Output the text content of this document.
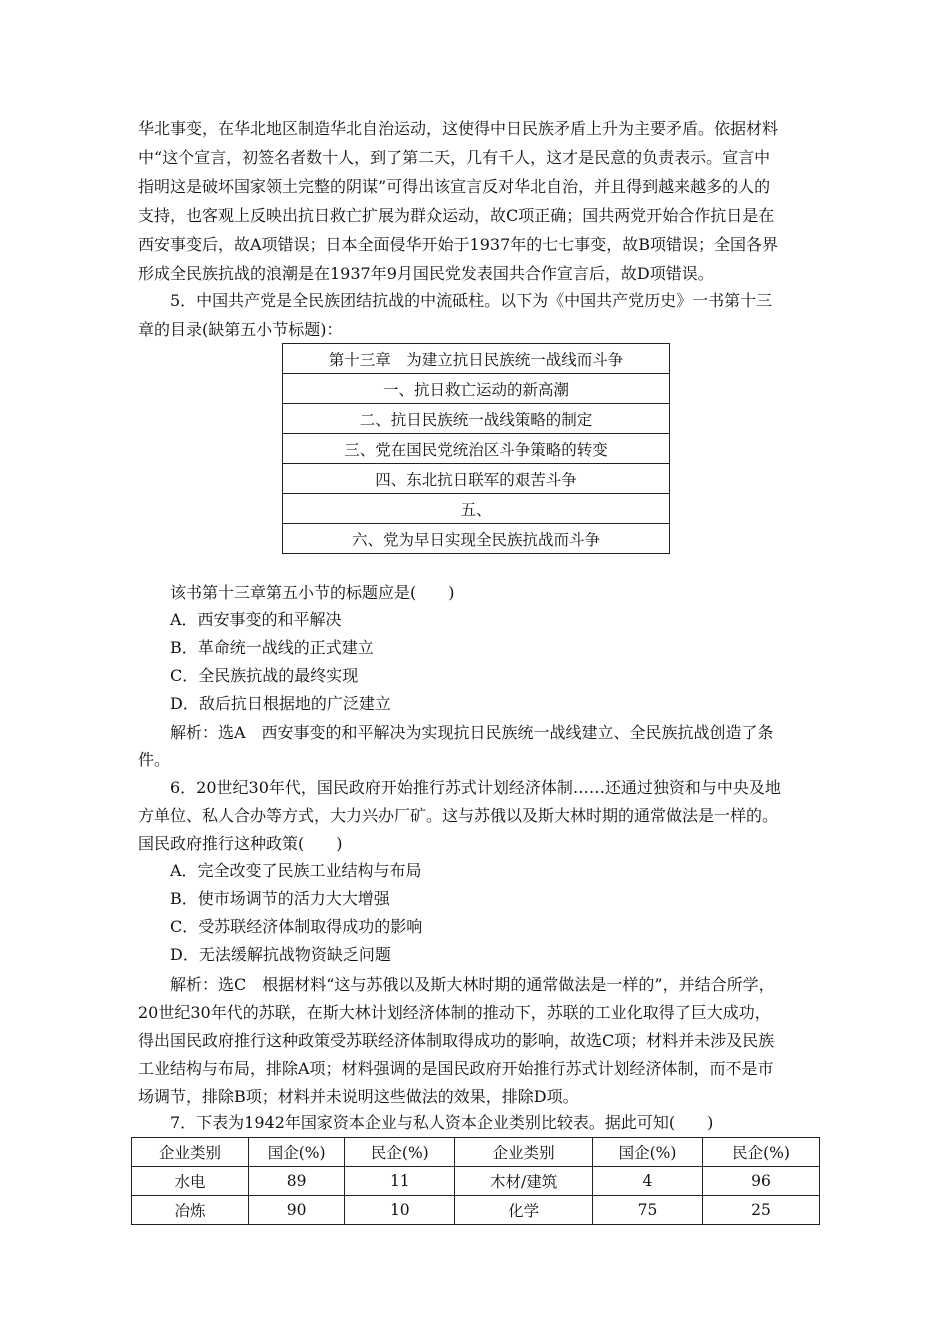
华北事变，在华北地区制造华北自治运动，这使得中日民族矛盾上升为主要矛盾。依据材料
中“这个宣言，初签名者数十人，到了第二天，几有千人，这才是民意的负责表示。宣言中
指明这是破坏国家领土完整的阴谋”可得出该宣言反对华北自治，并且得到越来越多的人的
支持，也客观上反映出抗日救亡扩展为群众运动，故C项正确；国共两党开始合作抗日是在
西安事变后，故A项错误；日本全面侵华开始于1937年的七七事变，故B项错误；全国各界
形成全民族抗战的浪潮是在1937年9月国民党发表国共合作宣言后，故D项错误。
5．中国共产党是全民族团结抗战的中流砥柱。以下为《中国共产党历史》一书第十三
章的目录(缺第五小节标题)：
第十三章　为建立抗日民族统一战线而斗争
一、抗日救亡运动的新高潮
二、抗日民族统一战线策略的制定
三、党在国民党统治区斗争策略的转变
四、东北抗日联军的艰苦斗争
五、
六、党为早日实现全民族抗战而斗争
该书第十三章第五小节的标题应是(　　)
A．西安事变的和平解决
B．革命统一战线的正式建立
C．全民族抗战的最终实现
D．敌后抗日根据地的广泛建立
解析：选A　西安事变的和平解决为实现抗日民族统一战线建立、全民族抗战创造了条
件。
6．20世纪30年代，国民政府开始推行苏式计划经济体制……还通过独资和与中央及地
方单位、私人合办等方式，大力兴办厂矿。这与苏俄以及斯大林时期的通常做法是一样的。
国民政府推行这种政策(　　)
A．完全改变了民族工业结构与布局
B．使市场调节的活力大大增强
C．受苏联经济体制取得成功的影响
D．无法缓解抗战物资缺乏问题
解析：选C　根据材料“这与苏俄以及斯大林时期的通常做法是一样的”，并结合所学，
20世纪30年代的苏联，在斯大林计划经济体制的推动下，苏联的工业化取得了巨大成功，
得出国民政府推行这种政策受苏联经济体制取得成功的影响，故选C项；材料并未涉及民族
工业结构与布局，排除A项；材料强调的是国民政府开始推行苏式计划经济体制，而不是市
场调节，排除B项；材料并未说明这些做法的效果，排除D项。
7．下表为1942年国家资本企业与私人资本企业类别比较表。据此可知(　　)
企业类别	国企(%)	民企(%)	企业类别	国企(%)	民企(%)
水电	89	11	木材/建筑	4	96
冶炼	90	10	化学	75	25
